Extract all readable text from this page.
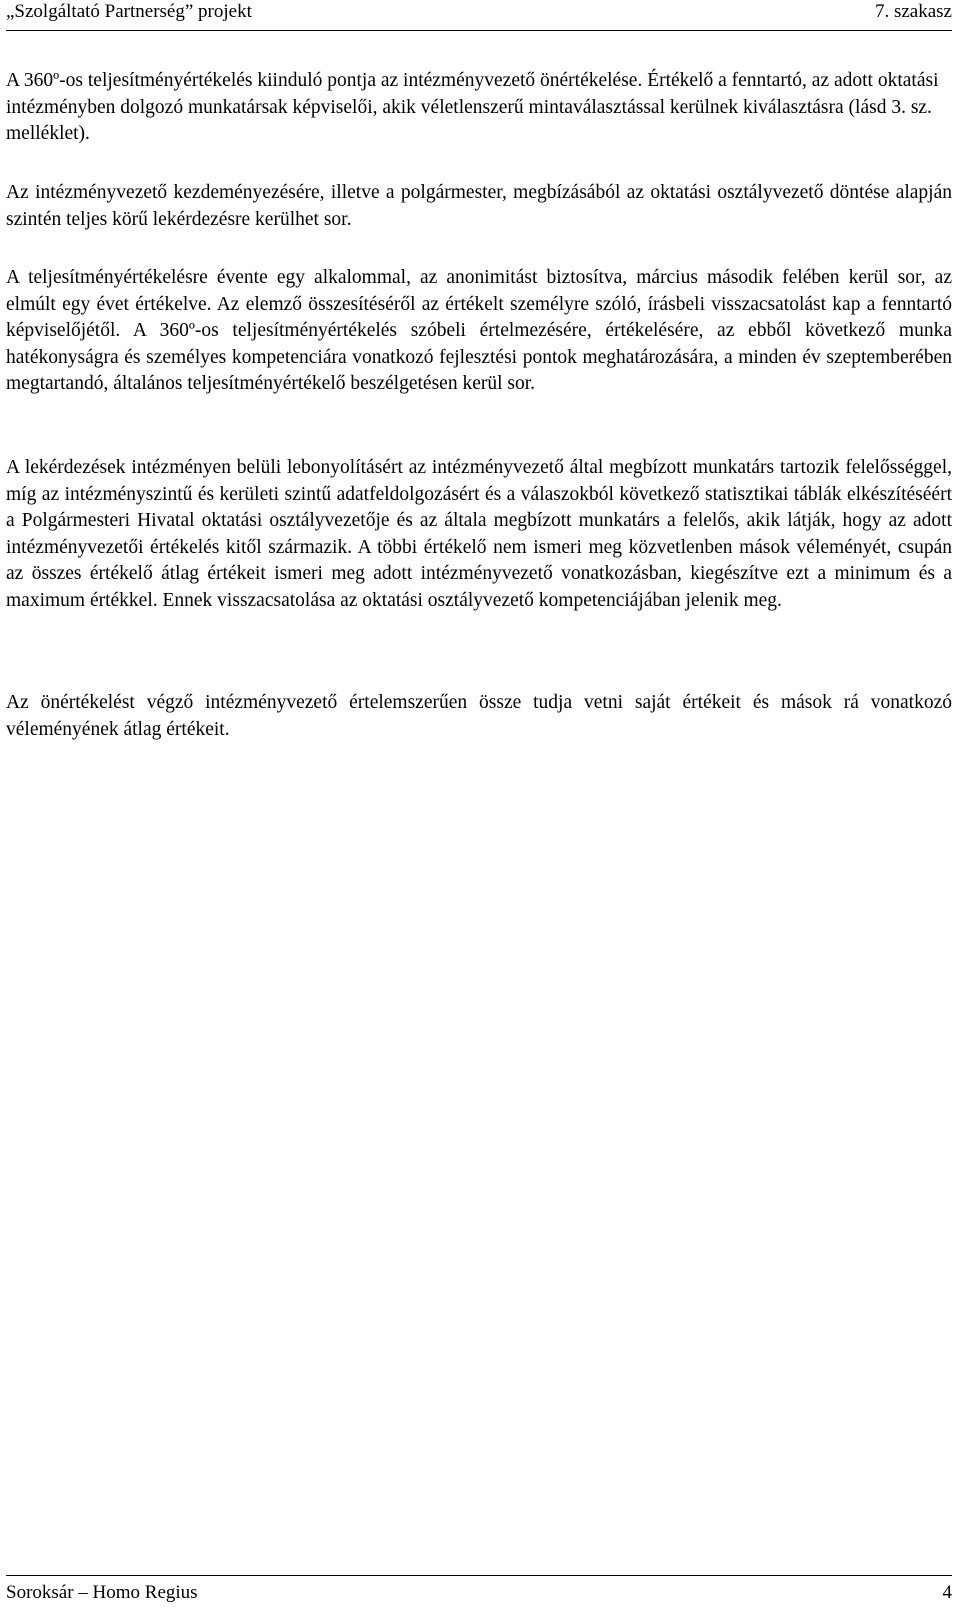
„Szolgáltató Partnerség” projekt	7. szakasz

A 360º-os teljesítményértékelés kiinduló pontja az intézményvezető önértékelése. Értékelő a fenntartó, az adott oktatási intézményben dolgozó munkatársak képviselői, akik véletlenszerű mintaválasztással kerülnek kiválasztásra (lásd 3. sz. melléklet).

Az intézményvezető kezdeményezésére, illetve a polgármester, megbízásából az oktatási osztályvezető döntése alapján szintén teljes körű lekérdezésre kerülhet sor.

A teljesítményértékelésre évente egy alkalommal, az anonimitást biztosítva, március második felében kerül sor, az elmúlt egy évet értékelve. Az elemző összesítéséről az értékelt személyre szóló, írásbeli visszacsatolást kap a fenntartó képviselőjétől. A 360º-os teljesítményértékelés szóbeli értelmezésére, értékelésére, az ebből következő munka hatékonyságra és személyes kompetenciára vonatkozó fejlesztési pontok meghatározására, a minden év szeptemberében megtartandó, általános teljesítményértékelő beszélgetésen kerül sor.

A lekérdezések intézményen belüli lebonyolításért az intézményvezető által megbízott munkatárs tartozik felelősséggel, míg az intézményszintű és kerületi szintű adatfeldolgozásért és a válaszokból következő statisztikai táblák elkészítéséért a Polgármesteri Hivatal oktatási osztályvezetője és az általa megbízott munkatárs a felelős, akik látják, hogy az adott intézményvezetői értékelés kitől származik. A többi értékelő nem ismeri meg közvetlenben mások véleményét, csupán az összes értékelő átlag értékeit ismeri meg adott intézményvezető vonatkozásban, kiegészítve ezt a minimum és a maximum értékkel. Ennek visszacsatolása az oktatási osztályvezető kompetenciájában jelenik meg.

Az önértékelést végző intézményvezető értelemszerűen össze tudja vetni saját értékeit és mások rá vonatkozó véleményének átlag értékeit.

Soroksár – Homo Regius	4
